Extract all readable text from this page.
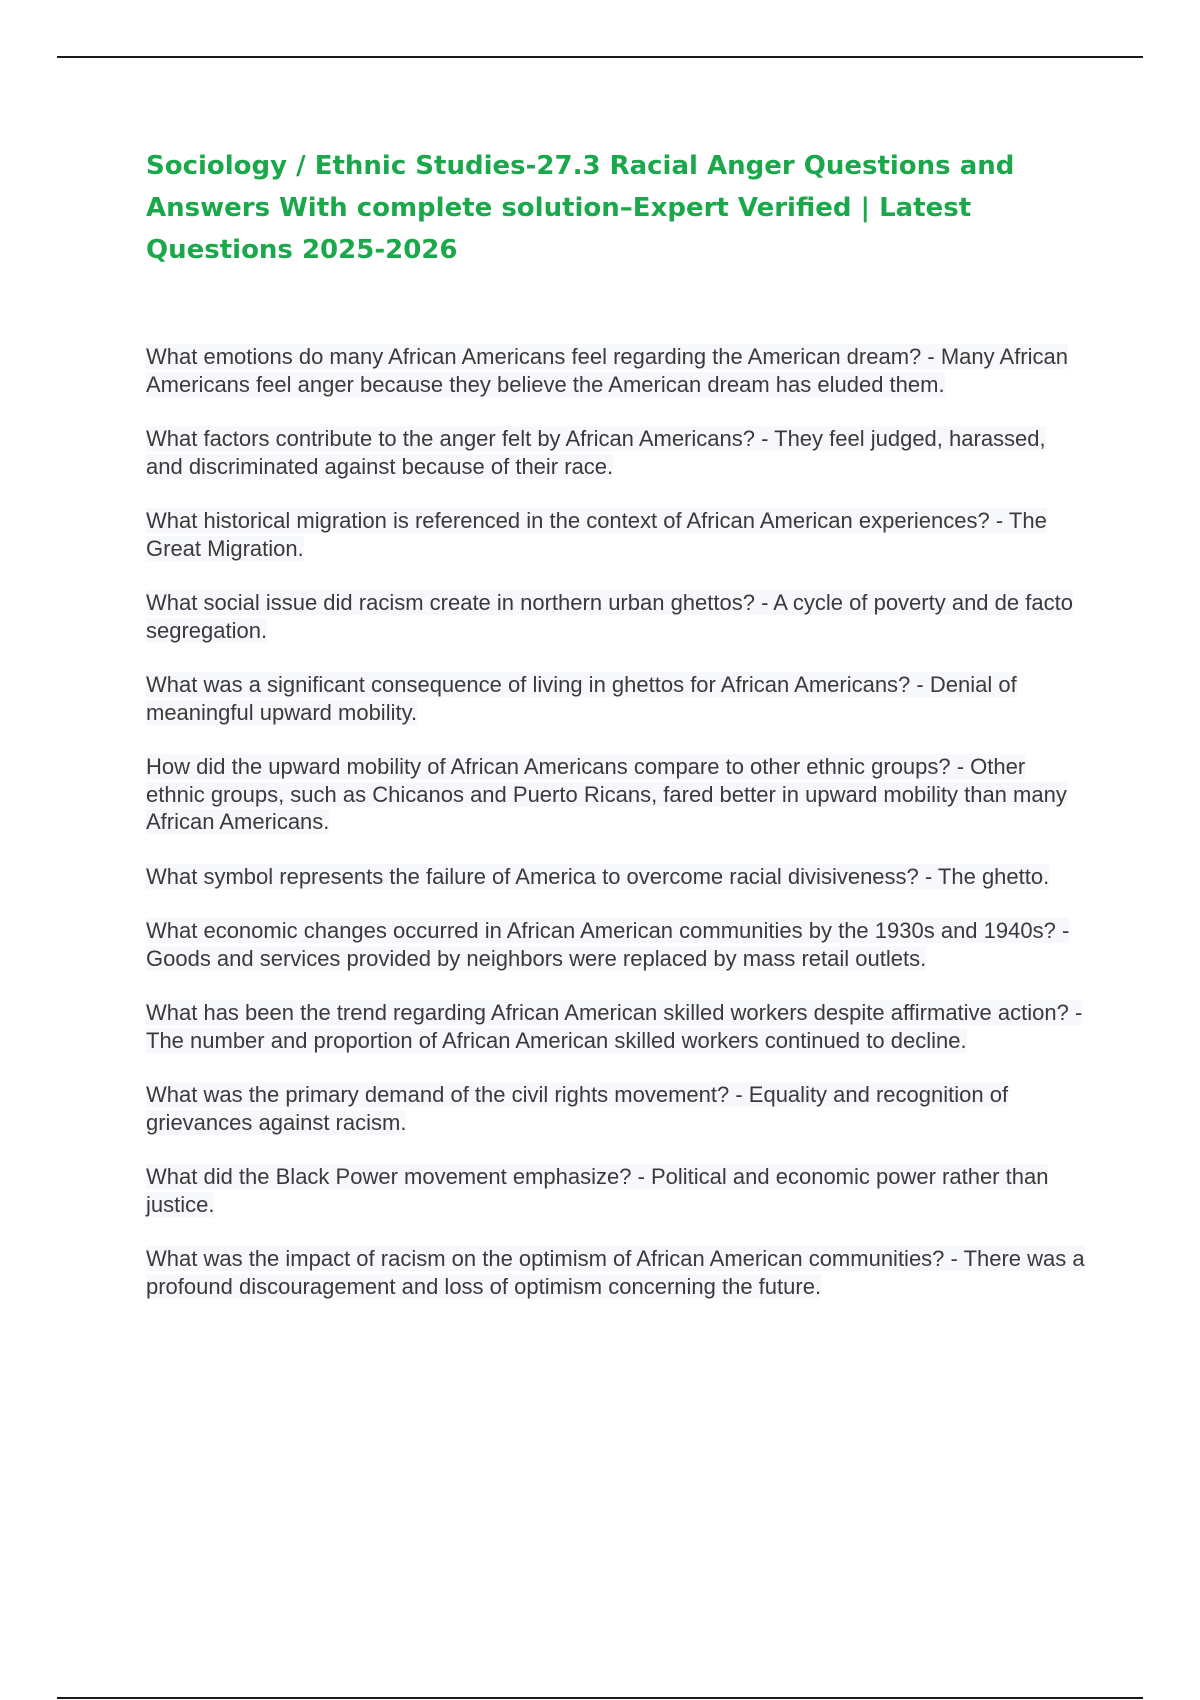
Sociology / Ethnic Studies-27.3 Racial Anger Questions and Answers With complete solution–Expert Verified | Latest Questions 2025-2026
What emotions do many African Americans feel regarding the American dream? - Many African Americans feel anger because they believe the American dream has eluded them.
What factors contribute to the anger felt by African Americans? - They feel judged, harassed, and discriminated against because of their race.
What historical migration is referenced in the context of African American experiences? - The Great Migration.
What social issue did racism create in northern urban ghettos? - A cycle of poverty and de facto segregation.
What was a significant consequence of living in ghettos for African Americans? - Denial of meaningful upward mobility.
How did the upward mobility of African Americans compare to other ethnic groups? - Other ethnic groups, such as Chicanos and Puerto Ricans, fared better in upward mobility than many African Americans.
What symbol represents the failure of America to overcome racial divisiveness? - The ghetto.
What economic changes occurred in African American communities by the 1930s and 1940s? - Goods and services provided by neighbors were replaced by mass retail outlets.
What has been the trend regarding African American skilled workers despite affirmative action? - The number and proportion of African American skilled workers continued to decline.
What was the primary demand of the civil rights movement? - Equality and recognition of grievances against racism.
What did the Black Power movement emphasize? - Political and economic power rather than justice.
What was the impact of racism on the optimism of African American communities? - There was a profound discouragement and loss of optimism concerning the future.
